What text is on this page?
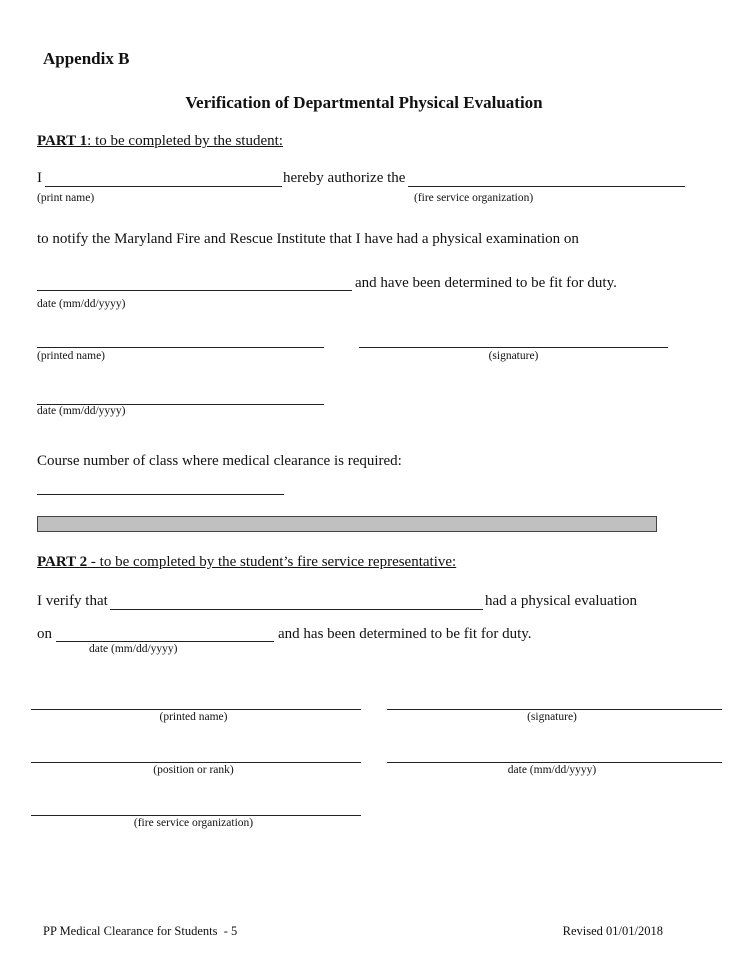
Appendix B
Verification of Departmental Physical Evaluation
PART 1: to be completed by the student:
I	hereby authorize the
(print name)	(fire service organization)
to notify the Maryland Fire and Rescue Institute that I have had a physical examination on
and have been determined to be fit for duty.
date (mm/dd/yyyy)
(printed name)	(signature)
date (mm/dd/yyyy)
Course number of class where medical clearance is required:
PART 2 - to be completed by the student’s fire service representative:
I verify that	had a physical evaluation
on	and has been determined to be fit for duty.
date (mm/dd/yyyy)
(printed name)	(signature)
(position or rank)	date (mm/dd/yyyy)
(fire service organization)
PP Medical Clearance for Students  - 5	Revised 01/01/2018
